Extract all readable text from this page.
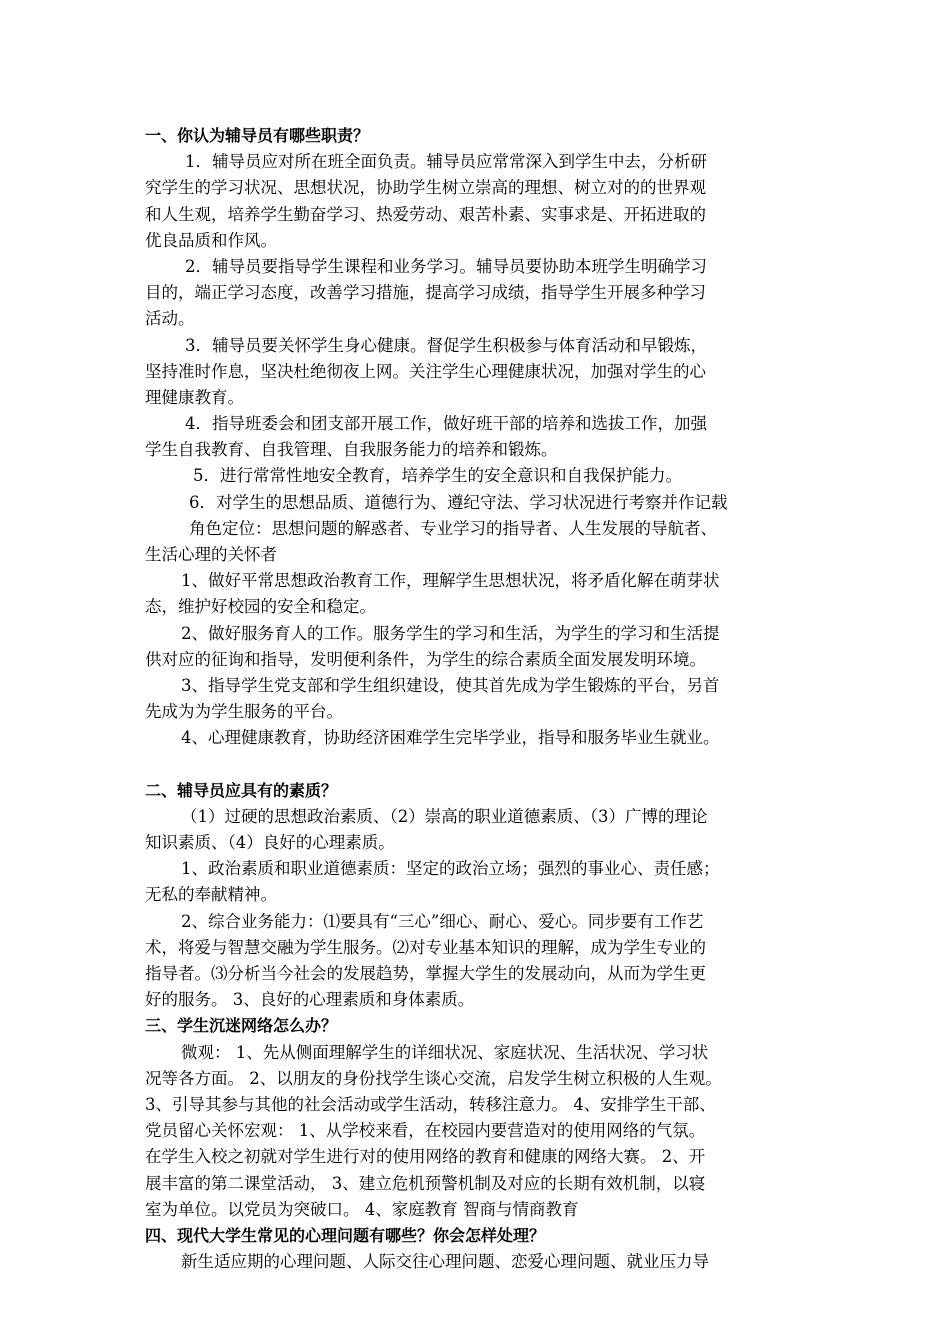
一、你认为辅导员有哪些职责？
1．辅导员应对所在班全面负责。辅导员应常常深入到学生中去，分析研
究学生的学习状况、思想状况，协助学生树立崇高的理想、树立对的的世界观
和人生观，培养学生勤奋学习、热爱劳动、艰苦朴素、实事求是、开拓进取的
优良品质和作风。
2．辅导员要指导学生课程和业务学习。辅导员要协助本班学生明确学习
目的，端正学习态度，改善学习措施，提高学习成绩，指导学生开展多种学习
活动。
3．辅导员要关怀学生身心健康。督促学生积极参与体育活动和早锻炼，
坚持准时作息，坚决杜绝彻夜上网。关注学生心理健康状况，加强对学生的心
理健康教育。
4．指导班委会和团支部开展工作，做好班干部的培养和选拔工作，加强
学生自我教育、自我管理、自我服务能力的培养和锻炼。
5．进行常常性地安全教育，培养学生的安全意识和自我保护能力。
6．对学生的思想品质、道德行为、遵纪守法、学习状况进行考察并作记载
角色定位：思想问题的解惑者、专业学习的指导者、人生发展的导航者、
生活心理的关怀者
1、做好平常思想政治教育工作，理解学生思想状况，将矛盾化解在萌芽状
态，维护好校园的安全和稳定。
2、做好服务育人的工作。服务学生的学习和生活，为学生的学习和生活提
供对应的征询和指导，发明便利条件，为学生的综合素质全面发展发明环境。
3、指导学生党支部和学生组织建设，使其首先成为学生锻炼的平台，另首
先成为为学生服务的平台。
4、心理健康教育，协助经济困难学生完毕学业，指导和服务毕业生就业。
二、辅导员应具有的素质？
（1）过硬的思想政治素质、（2）崇高的职业道德素质、（3）广博的理论
知识素质、（4）良好的心理素质。
1、政治素质和职业道德素质：坚定的政治立场；强烈的事业心、责任感；
无私的奉献精神。
2、综合业务能力：⑴要具有“三心”细心、耐心、爱心。同步要有工作艺
术，将爱与智慧交融为学生服务。⑵对专业基本知识的理解，成为学生专业的
指导者。⑶分析当今社会的发展趋势，掌握大学生的发展动向，从而为学生更
好的服务。 3、良好的心理素质和身体素质。
三、学生沉迷网络怎么办？
微观： 1、先从侧面理解学生的详细状况、家庭状况、生活状况、学习状
况等各方面。 2、以朋友的身份找学生谈心交流，启发学生树立积极的人生观。
3、引导其参与其他的社会活动或学生活动，转移注意力。 4、安排学生干部、
党员留心关怀宏观： 1、从学校来看，在校园内要营造对的使用网络的气氛。
在学生入校之初就对学生进行对的使用网络的教育和健康的网络大赛。 2、开
展丰富的第二课堂活动， 3、建立危机预警机制及对应的长期有效机制，以寝
室为单位。以党员为突破口。 4、家庭教育 智商与情商教育
四、现代大学生常见的心理问题有哪些？你会怎样处理？
新生适应期的心理问题、人际交往心理问题、恋爱心理问题、就业压力导
